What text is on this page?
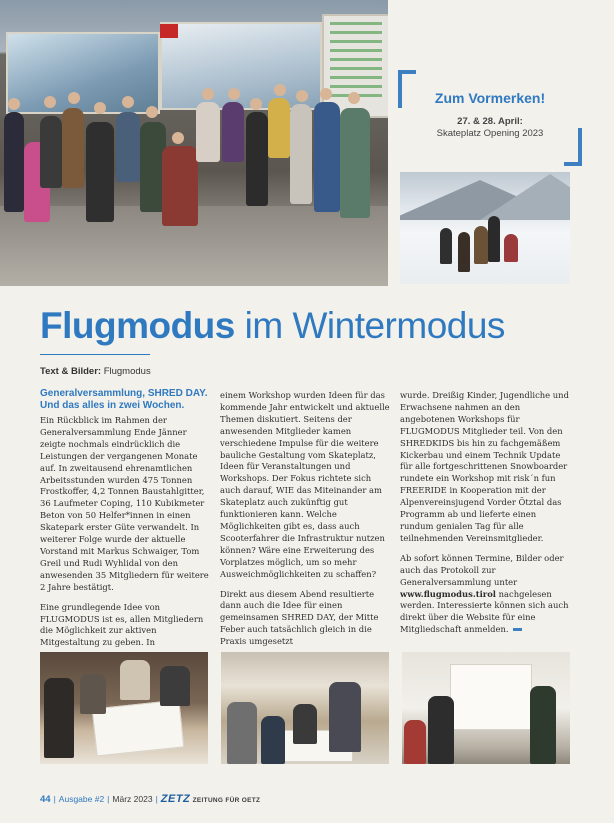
Zum Vormerken!
27. & 28. April:
Skateplatz Opening 2023
Flugmodus im Wintermodus
Text & Bilder: Flugmodus
Generalversammlung, SHRED DAY. Und das alles in zwei Wochen.

Ein Rückblick im Rahmen der Generalversammlung Ende Jänner zeigte nochmals eindrücklich die Leistungen der vergangenen Monate auf. In zweitausend ehrenamtlichen Arbeitsstunden wurden 475 Tonnen Frostkoffer, 4,2 Tonnen Baustahlgitter, 36 Laufmeter Coping, 110 Kubikmeter Beton von 50 Helfer*innen in einen Skatepark erster Güte verwandelt. In weiterer Folge wurde der aktuelle Vorstand mit Markus Schwaiger, Tom Greil und Rudi Wyhlidal von den anwesenden 35 Mitgliedern für weitere 2 Jahre bestätigt.

Eine grundlegende Idee von FLUGMODUS ist es, allen Mitgliedern die Möglichkeit zur aktiven Mitgestaltung zu geben. In

einem Workshop wurden Ideen für das kommende Jahr entwickelt und aktuelle Themen diskutiert. Seitens der anwesenden Mitglieder kamen verschiedene Impulse für die weitere bauliche Gestaltung vom Skateplatz, Ideen für Veranstaltungen und Workshops. Der Fokus richtete sich auch darauf, WIE das Miteinander am Skateplatz auch zukünftig gut funktionieren kann. Welche Möglichkeiten gibt es, dass auch Scooterfahrer die Infrastruktur nutzen können? Wäre eine Erweiterung des Vorplatzes möglich, um so mehr Ausweichmöglichkeiten zu schaffen?

Direkt aus diesem Abend resultierte dann auch die Idee für einen gemeinsamen SHRED DAY, der Mitte Feber auch tatsächlich gleich in die Praxis umgesetzt

wurde. Dreißig Kinder, Jugendliche und Erwachsene nahmen an den angebotenen Workshops für FLUGMODUS Mitglieder teil. Von den SHREDKIDS bis hin zu fachgemäßem Kickerbau und einem Technik Update für alle fortgeschrittenen Snowboarder rundete ein Workshop mit risk´n fun FREERIDE in Kooperation mit der Alpenvereinsjugend Vorder Ötztal das Programm ab und lieferte einen rundum genialen Tag für alle teilnehmenden Vereinsmitglieder.

Ab sofort können Termine, Bilder oder auch das Protokoll zur Generalversammlung unter www.flugmodus.tirol nachgelesen werden. Interessierte können sich auch direkt über die Website für eine Mitgliedschaft anmelden.

44 | Ausgabe #2 | März 2023 | ZETZ ZEITUNG FÜR OETZ
